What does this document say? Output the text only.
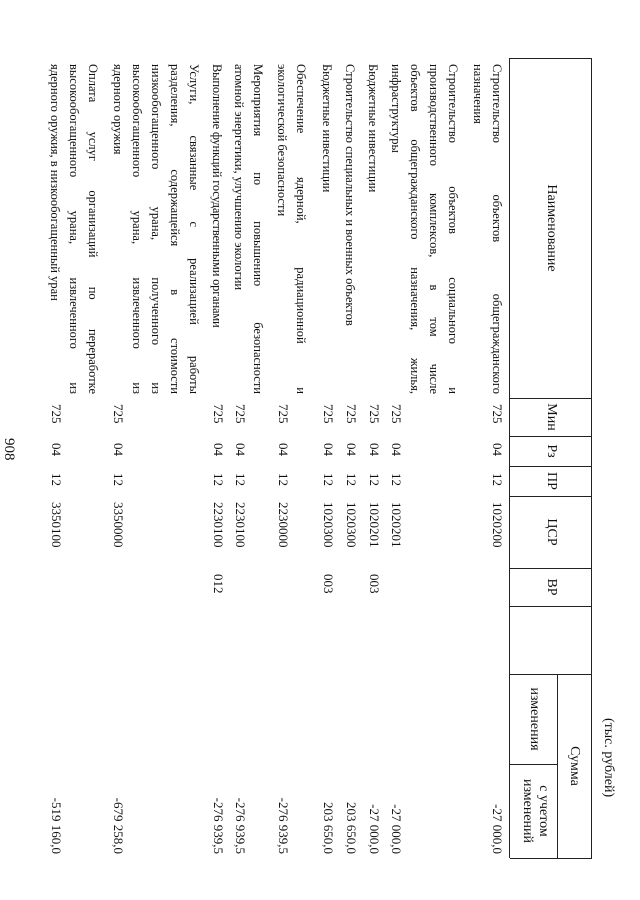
908
(тыс. рублей)
Наименование
Мин
Рз
ПР
ЦСР
ВР
Сумма
изменения
с учетом
изменений
Строительство объектов общегражданского
назначения
725
04
12
1020200
-27 000,0
Строительство объектов социального и
производственного комплексов, в том числе
объектов общегражданского назначения, жилья,
инфраструктуры
725
04
12
1020201
-27 000,0
Бюджетные инвестиции
725
04
12
1020201
003
-27 000,0
Строительство специальных и военных объектов
725
04
12
1020300
203 650,0
Бюджетные инвестиции
725
04
12
1020300
003
203 650,0
Обеспечение ядерной, радиационной и
экологической безопасности
725
04
12
2230000
-276 939,5
Мероприятия по повышению безопасности
атомной энергетики, улучшению экологии
725
04
12
2230100
-276 939,5
Выполнение функций государственными органами
725
04
12
2230100
012
-276 939,5
Услуги, связанные с реализацией работы
разделения, содержащейся в стоимости
низкообогащенного урана, полученного из
высокообогащенного урана, извлеченного из
ядерного оружия
725
04
12
3350000
-679 258,0
Оплата услуг организаций по переработке
высокообогащенного урана, извлеченного из
ядерного оружия, в низкообогащенный уран
725
04
12
3350100
-519 160,0
